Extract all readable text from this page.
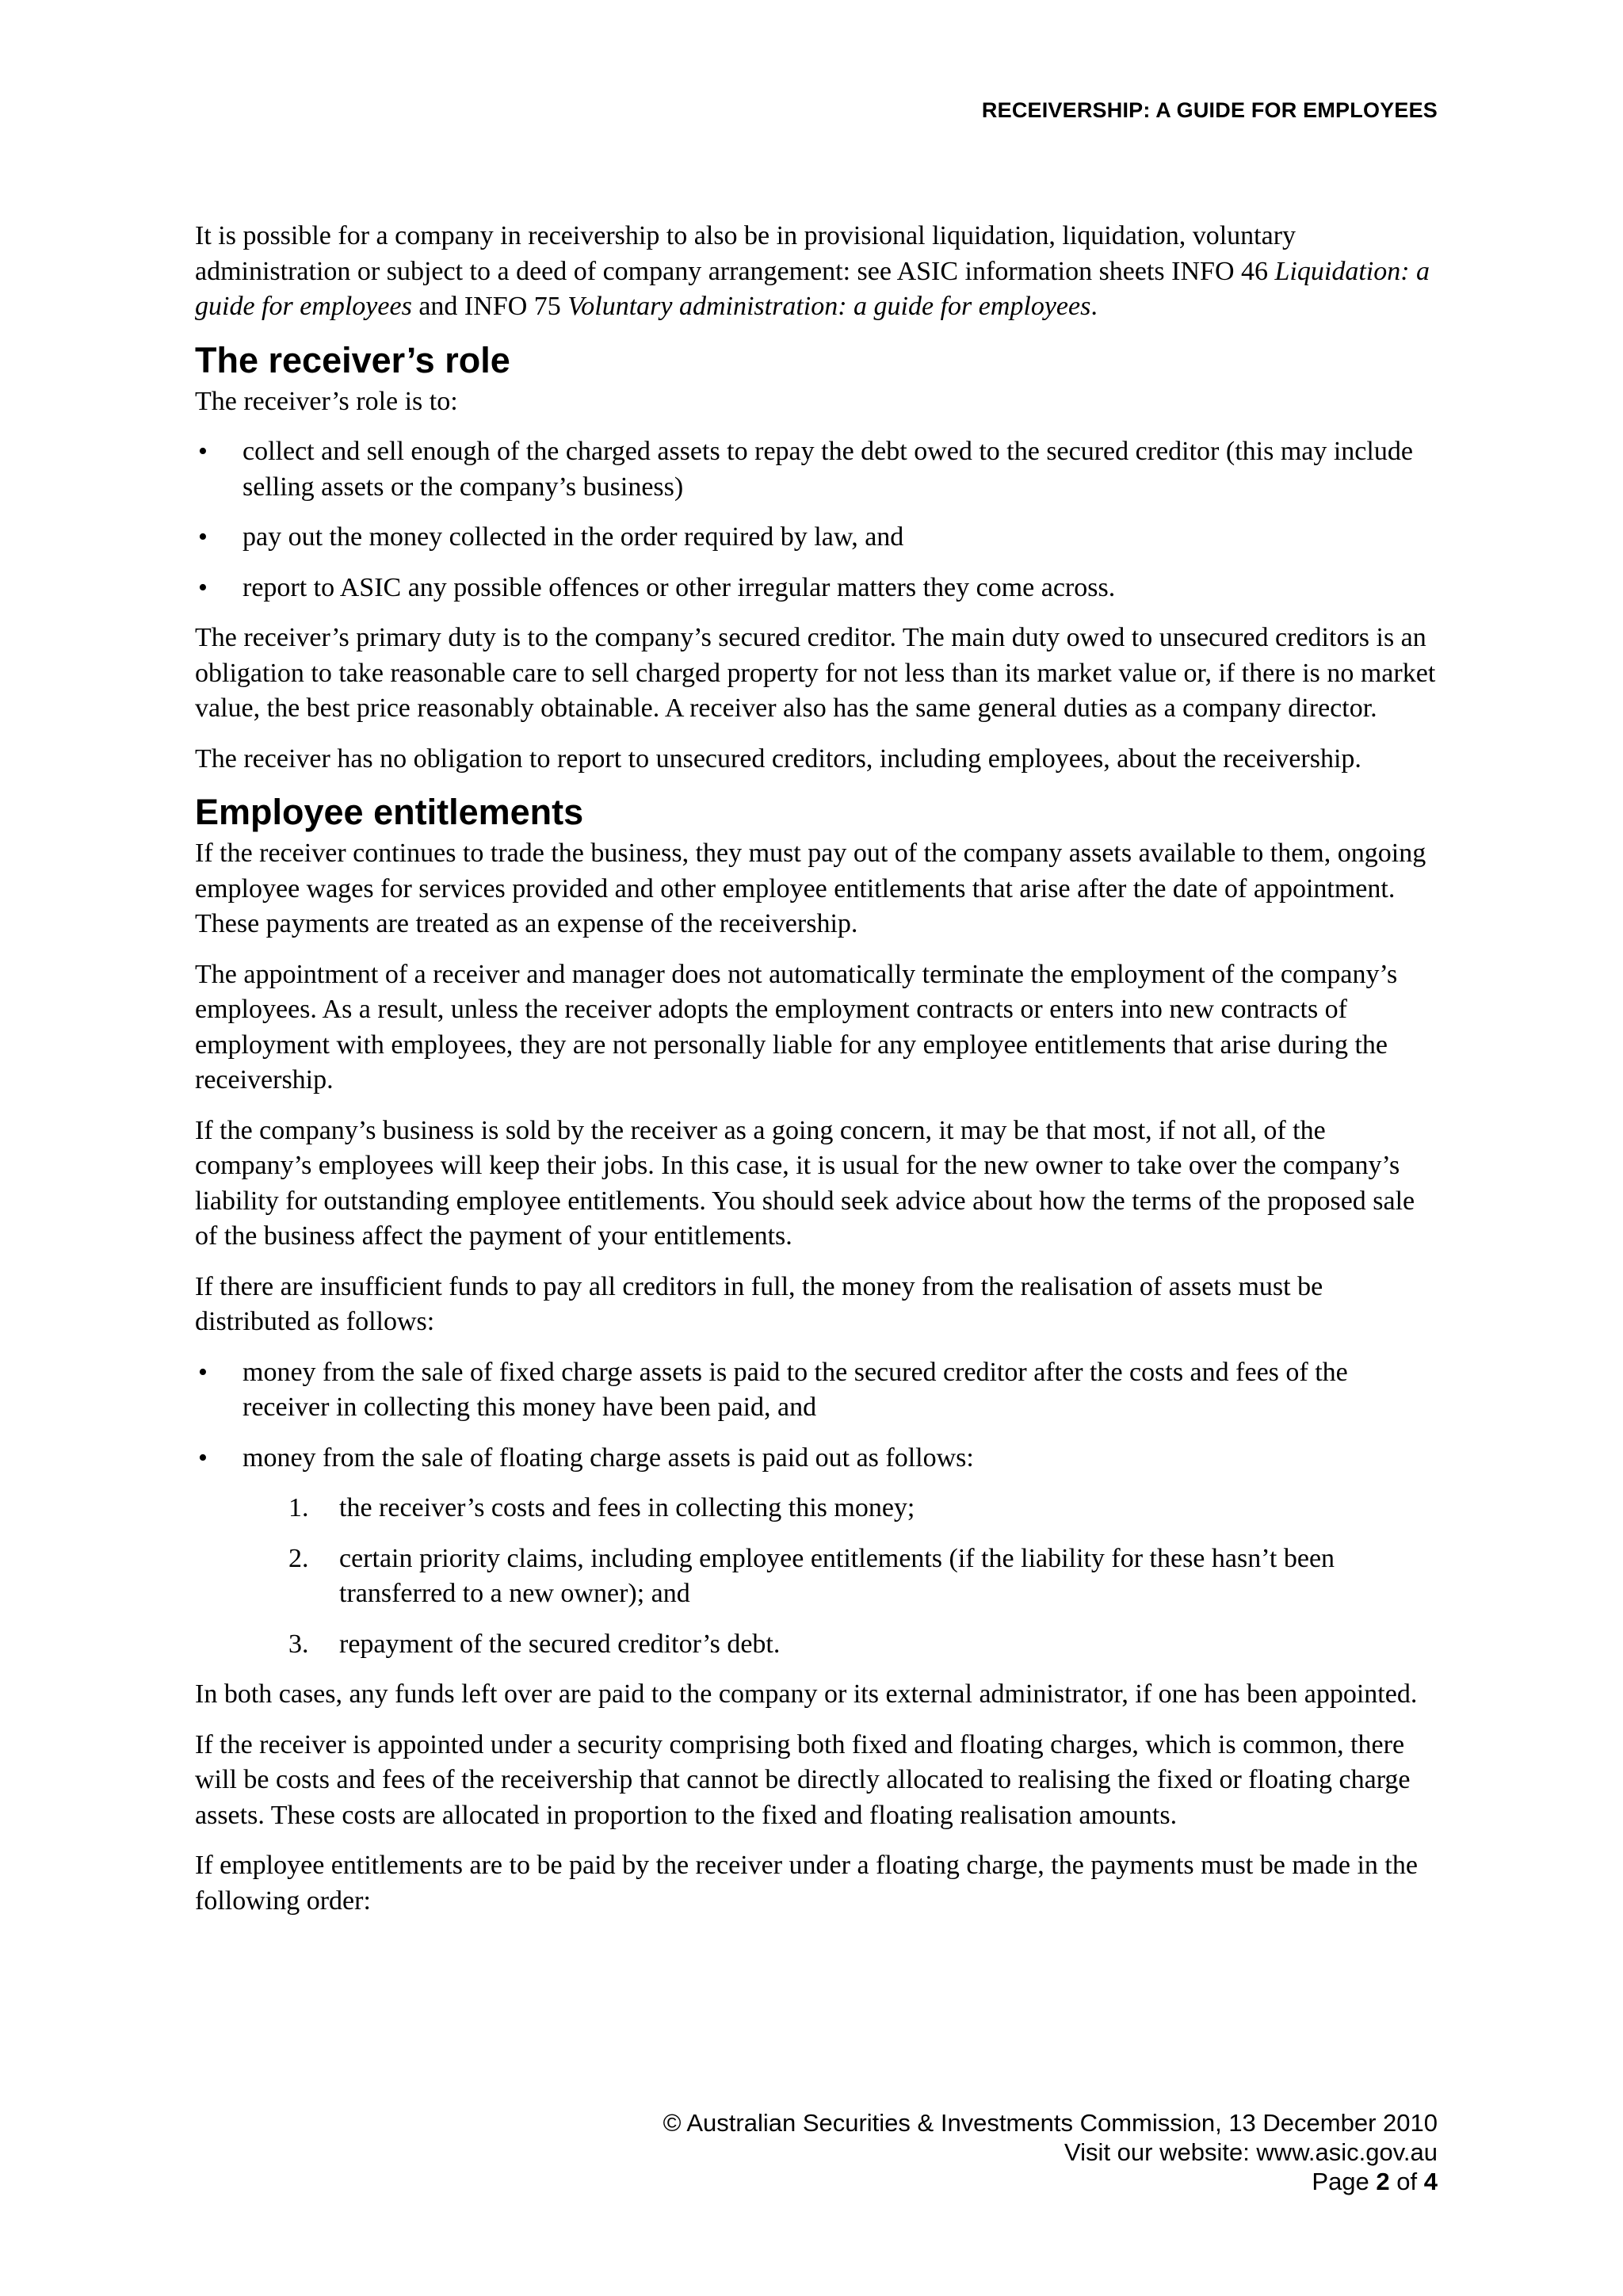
RECEIVERSHIP: A GUIDE FOR EMPLOYEES

It is possible for a company in receivership to also be in provisional liquidation, liquidation, voluntary administration or subject to a deed of company arrangement: see ASIC information sheets INFO 46 Liquidation: a guide for employees and INFO 75 Voluntary administration: a guide for employees.

The receiver’s role

The receiver’s role is to:

• collect and sell enough of the charged assets to repay the debt owed to the secured creditor (this may include selling assets or the company’s business)
• pay out the money collected in the order required by law, and
• report to ASIC any possible offences or other irregular matters they come across.

The receiver’s primary duty is to the company’s secured creditor. The main duty owed to unsecured creditors is an obligation to take reasonable care to sell charged property for not less than its market value or, if there is no market value, the best price reasonably obtainable. A receiver also has the same general duties as a company director.

The receiver has no obligation to report to unsecured creditors, including employees, about the receivership.

Employee entitlements

If the receiver continues to trade the business, they must pay out of the company assets available to them, ongoing employee wages for services provided and other employee entitlements that arise after the date of appointment. These payments are treated as an expense of the receivership.

The appointment of a receiver and manager does not automatically terminate the employment of the company’s employees. As a result, unless the receiver adopts the employment contracts or enters into new contracts of employment with employees, they are not personally liable for any employee entitlements that arise during the receivership.

If the company’s business is sold by the receiver as a going concern, it may be that most, if not all, of the company’s employees will keep their jobs. In this case, it is usual for the new owner to take over the company’s liability for outstanding employee entitlements. You should seek advice about how the terms of the proposed sale of the business affect the payment of your entitlements.

If there are insufficient funds to pay all creditors in full, the money from the realisation of assets must be distributed as follows:

• money from the sale of fixed charge assets is paid to the secured creditor after the costs and fees of the receiver in collecting this money have been paid, and
• money from the sale of floating charge assets is paid out as follows:
1. the receiver’s costs and fees in collecting this money;
2. certain priority claims, including employee entitlements (if the liability for these hasn’t been transferred to a new owner); and
3. repayment of the secured creditor’s debt.

In both cases, any funds left over are paid to the company or its external administrator, if one has been appointed.

If the receiver is appointed under a security comprising both fixed and floating charges, which is common, there will be costs and fees of the receivership that cannot be directly allocated to realising the fixed or floating charge assets. These costs are allocated in proportion to the fixed and floating realisation amounts.

If employee entitlements are to be paid by the receiver under a floating charge, the payments must be made in the following order:

© Australian Securities & Investments Commission, 13 December 2010
Visit our website: www.asic.gov.au
Page 2 of 4
